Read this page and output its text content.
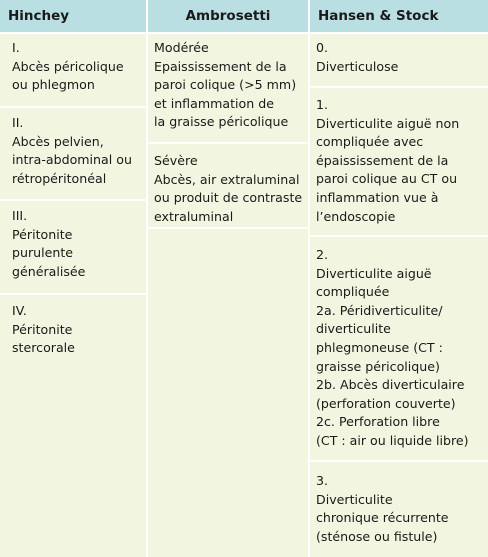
Hinchey	Ambrosetti	Hansen & Stock
I.
Abcès péricolique
ou phlegmon
II.
Abcès pelvien,
intra-abdominal ou
rétropéritonéal
III.
Péritonite
purulente
généralisée
IV.
Péritonite
stercorale
Modérée
Epaississement de la
paroi colique (>5 mm)
et inflammation de
la graisse péricolique
Sévère
Abcès, air extraluminal
ou produit de contraste
extraluminal
0.
Diverticulose
1.
Diverticulite aiguë non
compliquée avec
épaississement de la
paroi colique au CT ou
inflammation vue à
l’endoscopie
2.
Diverticulite aiguë
compliquée
2a. Péridiverticulite/
diverticulite
phlegmoneuse (CT :
graisse péricolique)
2b. Abcès diverticulaire
(perforation couverte)
2c. Perforation libre
(CT : air ou liquide libre)
3.
Diverticulite
chronique récurrente
(sténose ou fistule)
